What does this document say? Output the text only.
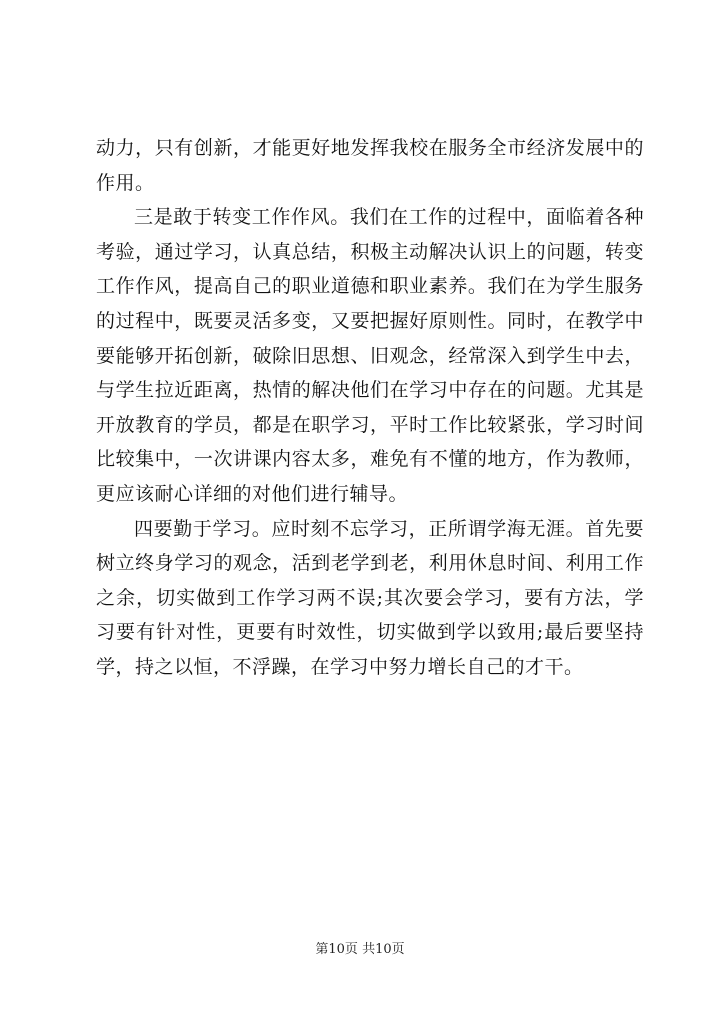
动力，只有创新，才能更好地发挥我校在服务全市经济发展中的
作用。
三是敢于转变工作作风。我们在工作的过程中，面临着各种
考验，通过学习，认真总结，积极主动解决认识上的问题，转变
工作作风，提高自己的职业道德和职业素养。我们在为学生服务
的过程中，既要灵活多变，又要把握好原则性。同时，在教学中
要能够开拓创新，破除旧思想、旧观念，经常深入到学生中去，
与学生拉近距离，热情的解决他们在学习中存在的问题。尤其是
开放教育的学员，都是在职学习，平时工作比较紧张，学习时间
比较集中，一次讲课内容太多，难免有不懂的地方，作为教师，
更应该耐心详细的对他们进行辅导。
四要勤于学习。应时刻不忘学习，正所谓学海无涯。首先要
树立终身学习的观念，活到老学到老，利用休息时间、利用工作
之余，切实做到工作学习两不误;其次要会学习，要有方法，学
习要有针对性，更要有时效性，切实做到学以致用;最后要坚持
学，持之以恒，不浮躁，在学习中努力增长自己的才干。
第10页 共10页
